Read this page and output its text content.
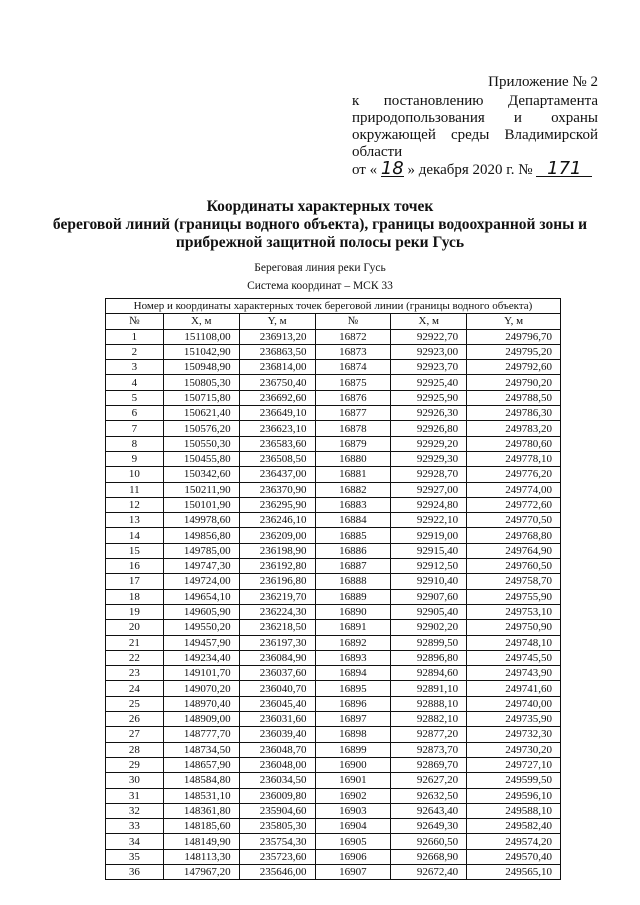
Приложение № 2
к постановлению Департамента
природопользования и охраны
окружающей среды Владимирской
области
от « 18 » декабря 2020 г. № 171
Координаты характерных точек
береговой линий (границы водного объекта), границы водоохранной зоны и
прибрежной защитной полосы реки Гусь
Береговая линия реки Гусь
Система координат – МСК 33
Номер и координаты характерных точек береговой линии (границы водного объекта)					
№	X, м	Y, м	№	X, м	Y, м
1	151108,00	236913,20	16872	92922,70	249796,70
2	151042,90	236863,50	16873	92923,00	249795,20
3	150948,90	236814,00	16874	92923,70	249792,60
4	150805,30	236750,40	16875	92925,40	249790,20
5	150715,80	236692,60	16876	92925,90	249788,50
6	150621,40	236649,10	16877	92926,30	249786,30
7	150576,20	236623,10	16878	92926,80	249783,20
8	150550,30	236583,60	16879	92929,20	249780,60
9	150455,80	236508,50	16880	92929,30	249778,10
10	150342,60	236437,00	16881	92928,70	249776,20
11	150211,90	236370,90	16882	92927,00	249774,00
12	150101,90	236295,90	16883	92924,80	249772,60
13	149978,60	236246,10	16884	92922,10	249770,50
14	149856,80	236209,00	16885	92919,00	249768,80
15	149785,00	236198,90	16886	92915,40	249764,90
16	149747,30	236192,80	16887	92912,50	249760,50
17	149724,00	236196,80	16888	92910,40	249758,70
18	149654,10	236219,70	16889	92907,60	249755,90
19	149605,90	236224,30	16890	92905,40	249753,10
20	149550,20	236218,50	16891	92902,20	249750,90
21	149457,90	236197,30	16892	92899,50	249748,10
22	149234,40	236084,90	16893	92896,80	249745,50
23	149101,70	236037,60	16894	92894,60	249743,90
24	149070,20	236040,70	16895	92891,10	249741,60
25	148970,40	236045,40	16896	92888,10	249740,00
26	148909,00	236031,60	16897	92882,10	249735,90
27	148777,70	236039,40	16898	92877,20	249732,30
28	148734,50	236048,70	16899	92873,70	249730,20
29	148657,90	236048,00	16900	92869,70	249727,10
30	148584,80	236034,50	16901	92627,20	249599,50
31	148531,10	236009,80	16902	92632,50	249596,10
32	148361,80	235904,60	16903	92643,40	249588,10
33	148185,60	235805,30	16904	92649,30	249582,40
34	148149,90	235754,30	16905	92660,50	249574,20
35	148113,30	235723,60	16906	92668,90	249570,40
36	147967,20	235646,00	16907	92672,40	249565,10
